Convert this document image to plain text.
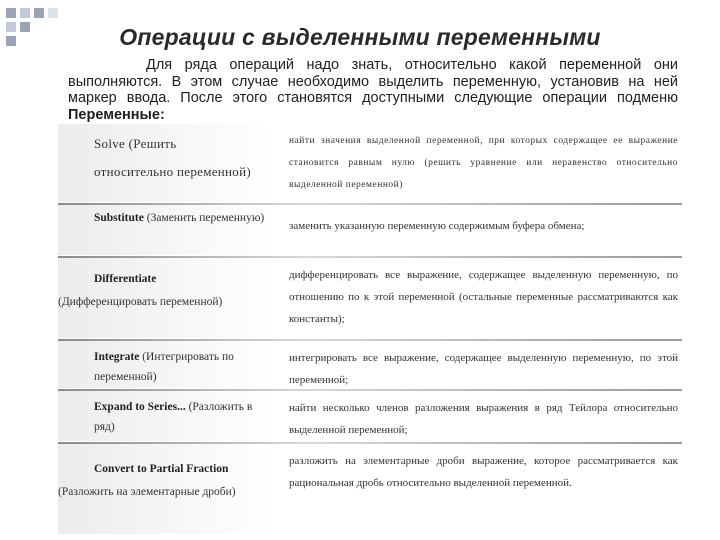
Операции с выделенными переменными
Для ряда операций надо знать, относительно какой переменной они выполняются. В этом случае необходимо выделить переменную, установив на ней маркер ввода. После этого становятся доступными следующие операции подменю Переменные:
Solve (Решить
относительно переменной)
найти значения выделенной переменной, при которых содержащее ее выражение становится равным нулю (решить уравнение или неравенство относительно выделенной переменной)
Substitute (Заменить переменную)
заменить указанную переменную содержимым буфера обмена;
Differentiate
(Дифференцировать переменной)
дифференцировать все выражение, содержащее выделенную переменную, по отношению по к этой переменной (остальные переменные рассматриваются как константы);
Integrate (Интегрировать по переменной)
интегрировать все выражение, содержащее выделенную переменную, по этой переменной;
Expand to Series... (Разложить в ряд)
найти несколько членов разложения выражения в ряд Тейлора относительно выделенной переменной;
Convert to Partial Fraction
(Разложить на элементарные дроби)
разложить на элементарные дроби выражение, которое рассматривается как рациональная дробь относительно выделенной переменной.
